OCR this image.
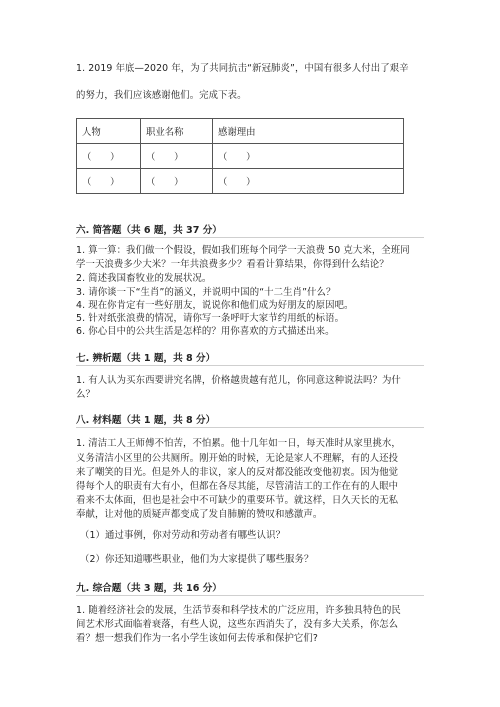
1. 2019 年底—2020 年，为了共同抗击“新冠肺炎”，中国有很多人付出了艰辛
的努力，我们应该感谢他们。完成下表。
人物	职业名称	感谢理由
（　　）	（　　）	（　　）
（　　）	（　　）	（　　）
六. 简答题（共 6 题，共 37 分）
1. 算一算：我们做一个假设，假如我们班每个同学一天浪费 50 克大米，全班同
学一天浪费多少大米？一年共浪费多少？看看计算结果，你得到什么结论？
2. 简述我国畜牧业的发展状况。
3. 请你谈一下“生肖”的涵义，并说明中国的“十二生肖”什么？
4. 现在你肯定有一些好朋友，说说你和他们成为好朋友的原因吧。
5. 针对纸张浪费的情况，请你写一条呼吁大家节约用纸的标语。
6. 你心目中的公共生活是怎样的？用你喜欢的方式描述出来。
七. 辨析题（共 1 题，共 8 分）
1. 有人认为买东西要讲究名牌，价格越贵越有范儿，你同意这种说法吗？为什
么？
八. 材料题（共 1 题，共 8 分）
1. 清洁工人王师傅不怕苦，不怕累。他十几年如一日，每天准时从家里挑水，
义务清洁小区里的公共厕所。刚开始的时候，无论是家人不理解，有的人还投
来了嘲笑的目光。但是外人的非议，家人的反对都没能改变他初衷。因为他觉
得每个人的职责有大有小，但都在各尽其能，尽管清洁工的工作在有的人眼中
看来不太体面，但也是社会中不可缺少的重要环节。就这样，日久天长的无私
奉献，让对他的质疑声都变成了发自肺腑的赞叹和感激声。
（1）通过事例，你对劳动和劳动者有哪些认识？
（2）你还知道哪些职业，他们为大家提供了哪些服务？
九. 综合题（共 3 题，共 16 分）
1. 随着经济社会的发展，生活节奏和科学技术的广泛应用，许多独具特色的民
间艺术形式面临着衰落，有些人说，这些东西消失了，没有多大关系，你怎么
看？想一想我们作为一名小学生该如何去传承和保护它们?
